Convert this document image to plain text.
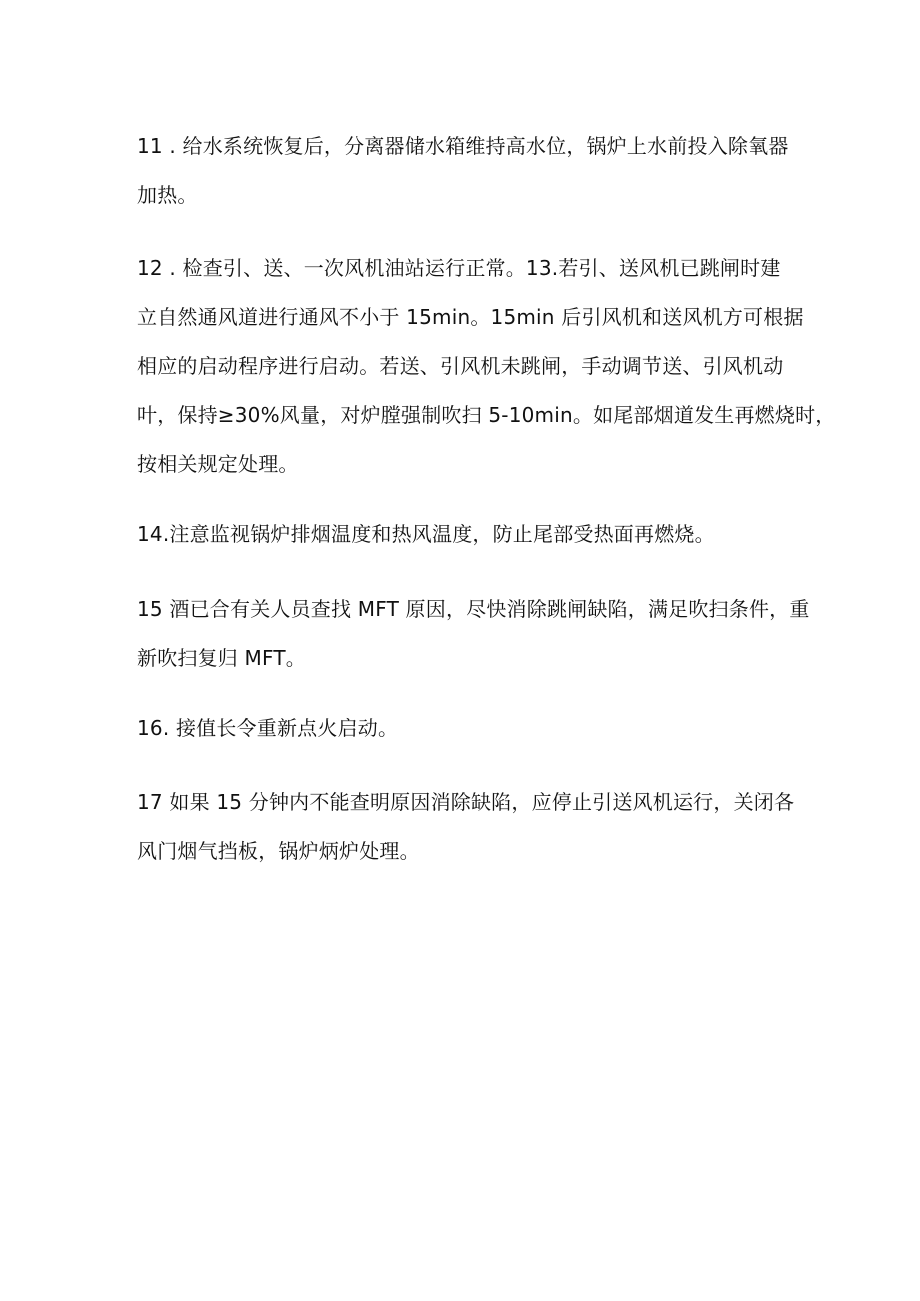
11 . 给水系统恢复后，分离器储水箱维持高水位，锅炉上水前投入除氧器
加热。
12 . 检查引、送、一次风机油站运行正常。13.若引、送风机已跳闸时建
立自然通风道进行通风不小于 15min。15min 后引风机和送风机方可根据
相应的启动程序进行启动。若送、引风机未跳闸，手动调节送、引风机动
叶，保持≥30%风量，对炉膛强制吹扫 5-10min。如尾部烟道发生再燃烧时，
按相关规定处理。
14.注意监视锅炉排烟温度和热风温度，防止尾部受热面再燃烧。
15 酒已合有关人员查找 MFT 原因，尽快消除跳闸缺陷，满足吹扫条件，重
新吹扫复归 MFT。
16. 接值长令重新点火启动。
17 如果 15 分钟内不能查明原因消除缺陷，应停止引送风机运行，关闭各
风门烟气挡板，锅炉炳炉处理。
